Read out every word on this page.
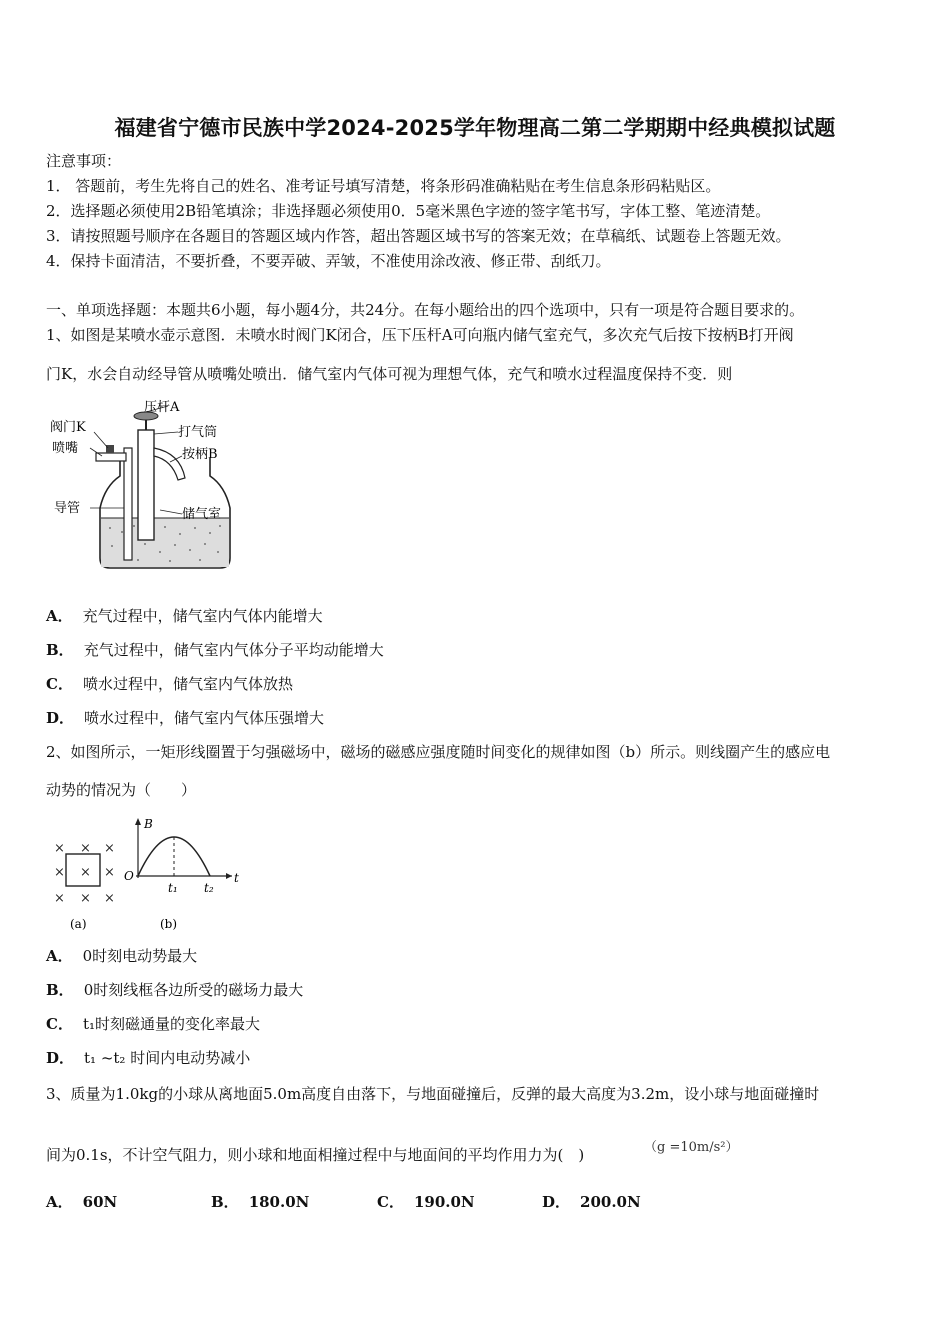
福建省宁德市民族中学2024-2025学年物理高二第二学期期中经典模拟试题
注意事项：
1． 答题前，考生先将自己的姓名、准考证号填写清楚，将条形码准确粘贴在考生信息条形码粘贴区。
2．选择题必须使用2B铅笔填涂；非选择题必须使用0．5毫米黑色字迹的签字笔书写，字体工整、笔迹清楚。
3．请按照题号顺序在各题目的答题区域内作答，超出答题区域书写的答案无效；在草稿纸、试题卷上答题无效。
4．保持卡面清洁，不要折叠，不要弄破、弄皱，不准使用涂改液、修正带、刮纸刀。
一、单项选择题：本题共6小题，每小题4分，共24分。在每小题给出的四个选项中，只有一项是符合题目要求的。
1、如图是某喷水壶示意图．未喷水时阀门K闭合，压下压杆A可向瓶内储气室充气，多次充气后按下按柄B打开阀
门K，水会自动经导管从喷嘴处喷出．储气室内气体可视为理想气体，充气和喷水过程温度保持不变．则
压杆A
阀门K	打气筒
喷嘴	按柄B
导管	储气室
A． 充气过程中，储气室内气体内能增大
B． 充气过程中，储气室内气体分子平均动能增大
C． 喷水过程中，储气室内气体放热
D． 喷水过程中，储气室内气体压强增大
2、如图所示，一矩形线圈置于匀强磁场中，磁场的磁感应强度随时间变化的规律如图（b）所示。则线圈产生的感应电
动势的情况为（　　）
× × ×
× × ×
× × ×
(a)
B
t
O
t₁ t₂
(b)
A． 0时刻电动势最大
B． 0时刻线框各边所受的磁场力最大
C． t₁时刻磁通量的变化率最大
D． t₁ ~t₂ 时间内电动势减小
3、质量为1.0kg的小球从离地面5.0m高度自由落下，与地面碰撞后，反弹的最大高度为3.2m，设小球与地面碰撞时
间为0.1s，不计空气阻力，则小球和地面相撞过程中与地面间的平均作用力为(　)	（g =10m/s²）
A． 60N	B． 180.0N	C． 190.0N	D． 200.0N
